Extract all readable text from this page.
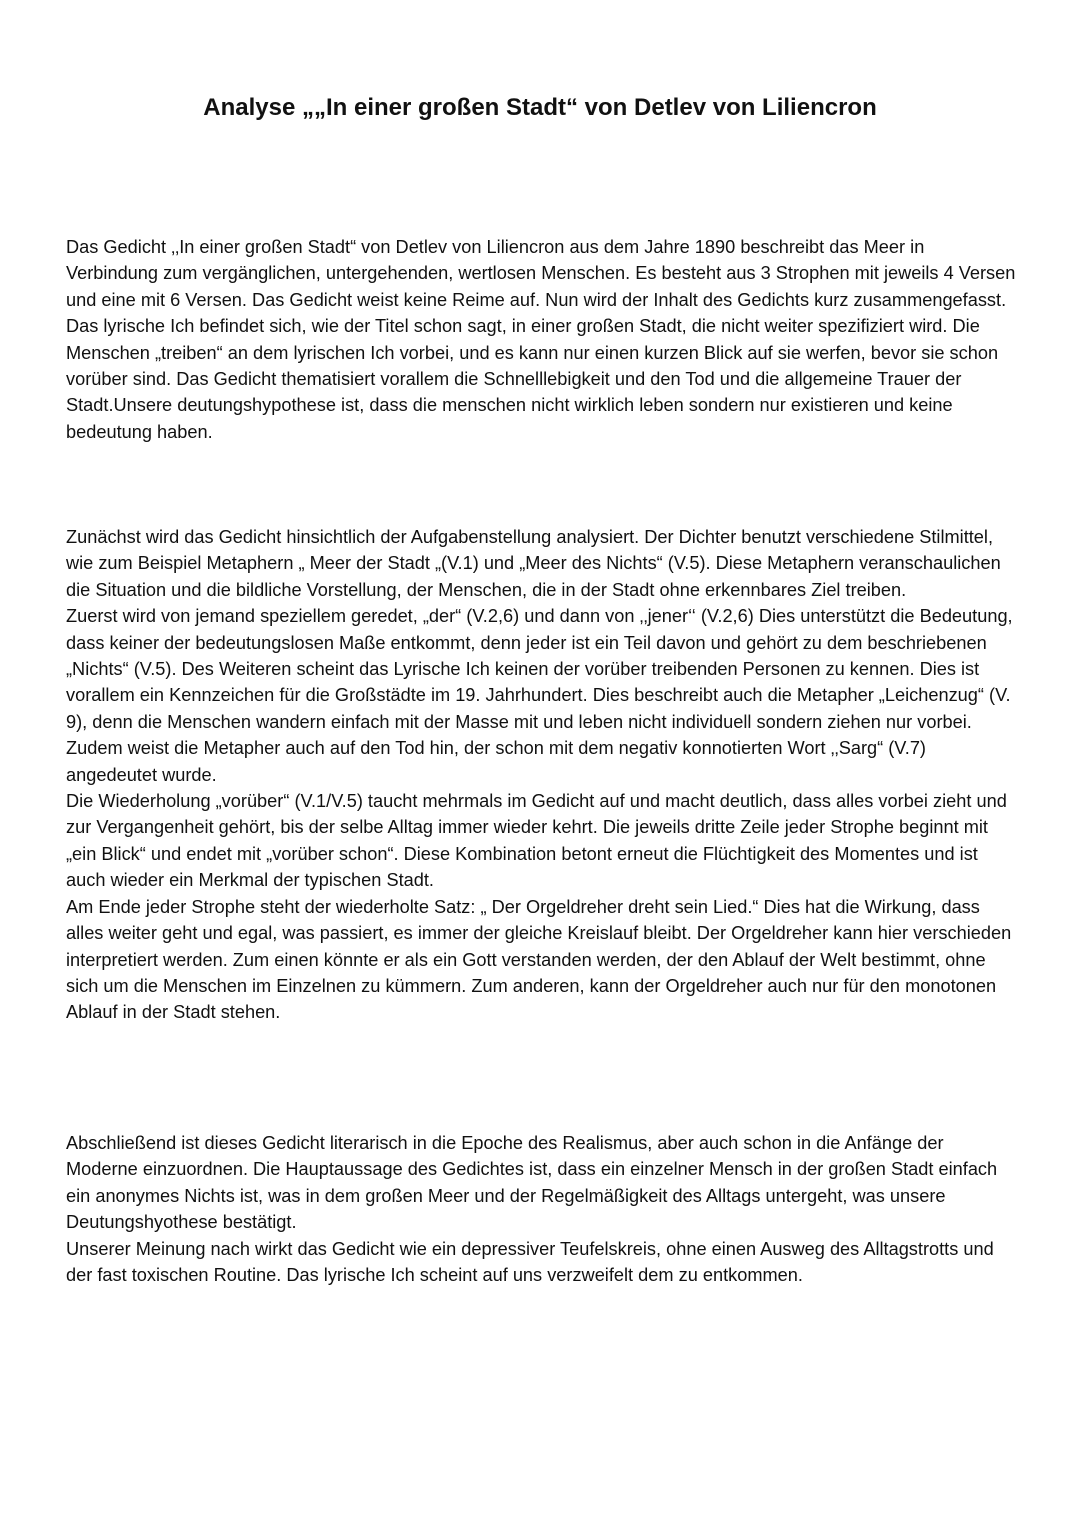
Analyse „„In einer großen Stadt“ von Detlev von Liliencron

Das Gedicht ‚‚In einer großen Stadt“ von Detlev von Liliencron aus dem Jahre 1890 beschreibt das Meer in Verbindung zum vergänglichen, untergehenden, wertlosen Menschen. Es besteht aus 3 Strophen mit jeweils 4 Versen und eine mit 6 Versen. Das Gedicht weist keine Reime auf. Nun wird der Inhalt des Gedichts kurz zusammengefasst. Das lyrische Ich befindet sich, wie der Titel schon sagt, in einer großen Stadt, die nicht weiter spezifiziert wird. Die Menschen „treiben“ an dem lyrischen Ich vorbei, und es kann nur einen kurzen Blick auf sie werfen, bevor sie schon vorüber sind. Das Gedicht thematisiert vorallem die Schnelllebigkeit und den Tod und die allgemeine Trauer der Stadt.Unsere deutungshypothese ist, dass die menschen nicht wirklich leben sondern nur existieren und keine bedeutung haben.

Zunächst wird das Gedicht hinsichtlich der Aufgabenstellung analysiert. Der Dichter benutzt verschiedene Stilmittel, wie zum Beispiel Metaphern „ Meer der Stadt „(V.1) und „Meer des Nichts“ (V.5). Diese Metaphern veranschaulichen die Situation und die bildliche Vorstellung, der Menschen, die in der Stadt ohne erkennbares Ziel treiben.

Zuerst wird von jemand speziellem geredet, „der“ (V.2,6) und dann von ‚‚jener‘‘ (V.2,6) Dies unterstützt die Bedeutung, dass keiner der bedeutungslosen Maße entkommt, denn jeder ist ein Teil davon und gehört zu dem beschriebenen „Nichts“ (V.5). Des Weiteren scheint das Lyrische Ich keinen der vorüber treibenden Personen zu kennen. Dies ist vorallem ein Kennzeichen für die Großstädte im 19. Jahrhundert. Dies beschreibt auch die Metapher „Leichenzug“ (V. 9), denn die Menschen wandern einfach mit der Masse mit und leben nicht individuell sondern ziehen nur vorbei. Zudem weist die Metapher auch auf den Tod hin, der schon mit dem negativ konnotierten Wort ‚‚Sarg“ (V.7) angedeutet wurde.

Die Wiederholung „vorüber“ (V.1/V.5) taucht mehrmals im Gedicht auf und macht deutlich, dass alles vorbei zieht und zur Vergangenheit gehört, bis der selbe Alltag immer wieder kehrt. Die jeweils dritte Zeile jeder Strophe beginnt mit „ein Blick“ und endet mit „vorüber schon“. Diese Kombination betont erneut die Flüchtigkeit des Momentes und ist auch wieder ein Merkmal der typischen Stadt.

Am Ende jeder Strophe steht der wiederholte Satz: „ Der Orgeldreher dreht sein Lied.“ Dies hat die Wirkung, dass alles weiter geht und egal, was passiert, es immer der gleiche Kreislauf bleibt. Der Orgeldreher kann hier verschieden interpretiert werden. Zum einen könnte er als ein Gott verstanden werden, der den Ablauf der Welt bestimmt, ohne sich um die Menschen im Einzelnen zu kümmern. Zum anderen, kann der Orgeldreher auch nur für den monotonen Ablauf in der Stadt stehen.

Abschließend ist dieses Gedicht literarisch in die Epoche des Realismus, aber auch schon in die Anfänge der Moderne einzuordnen. Die Hauptaussage des Gedichtes ist, dass ein einzelner Mensch in der großen Stadt einfach ein anonymes Nichts ist, was in dem großen Meer und der Regelmäßigkeit des Alltags untergeht, was unsere Deutungshyothese bestätigt.

Unserer Meinung nach wirkt das Gedicht wie ein depressiver Teufelskreis, ohne einen Ausweg des Alltagstrotts und der fast toxischen Routine. Das lyrische Ich scheint auf uns verzweifelt dem zu entkommen.
